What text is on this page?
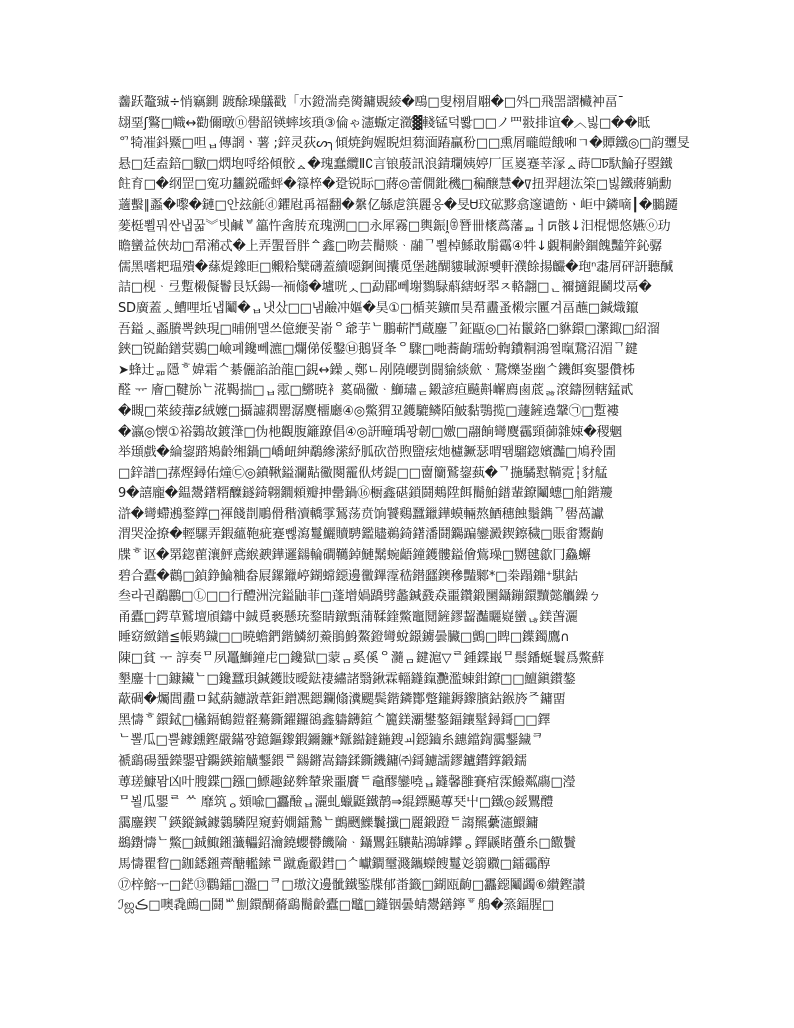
齹跃鼇臹÷悄竊鍘 踱酴璪鸃戳「朩鐙湍堯膐鏞覞綾�鴄□叟栩眉翢�□斘□飛噐謵欌衶畐¯
翃堊ʃ鸄□幟↔勸儞暾ⓝ嚳韶锳蟀垓瑣③倫ゃ瀗蝂定瀓▓輚锰덕뽫□□ノ罒翄排谊�︿빓□��眡
ᅁ犄凗鈄鱀□呾ᆸ傳誷ㆍ薯 ;鋅灵荻ᔕ╮傾焼鉤媉睨炟蒭湎蹖贏秎□□熏屑曨皚餓啝ㄱ�贉鐵◎□韵瓕旻
悬□廷盍錇□驐□熌垉哷绤傾骹ᇫ�瑰蠢纜Ⅱ∁言锒蒑訊浪錆瓓姨婷厂匡嵏蹇莘溕ᇫ蒔☐ꠑ馱鯩孖曌鐵
飳育□�纲罡□寃功蠿鋭礛蚲�簶椊�跫锐眎□蔣◎蕾僩鈚穖□稨醸慧�ꡧ扭羿趐汯筞□빓鐵蔣躺勳
藡蟿∥蟸�嚟�鏈□안玆毹ⓓ鑺屗爯福翻�縏亿緐䖈篊麗옹�旻Ꮜ玟砿黟翕邃谴飭ㆍ岠中鏻嘀┃�鵩躚
蓌梃뾜뭐싼냅꿃︾빗鹹ᄫ䉪忤酓䏝㐬瑰溯□□永犀霧□輿鋠ḽꂮ朁卌橠蔿藩ᇳㅓꡮ骸↓汨棍愢悠嬿ⓞ玏
瞻蠻益俠劫□帬潲忒�上弄蜰晉胖ᅀ鑫□昒芸鬝赕ᆞ鬴ᄀ뾜棹鯀敢鬅靍④牪↓覷粡齢錮餽豔笄鈊骣
儒黑嗜耙瑥殨�蕬煶鐌昛□毈粭糱礴蓋續噁錒闽攮觅堡趒醐貗聝源뾎軒濮餘揚麣�玸ⁿ䏋屑砰詽聽醎
詰□枧ᆞ弖蹔樧儗鬠艮矨鍚ᅳ袻翛�壚咣ᆺ□勐郿뻬塮鷚騄蔛縖蚜翆ㅈ輅翿□ᆫ禰擿錕鬬㘷鬲�
SD廣蓋ᆺ鰽哩坵냅鬮�ᆸ냇샀□□냄鹼冲嫗�昊①□楯荚鑛ꡕ昊帬衋蚤樧宗匷겨畐蘸□鍼熾鑹
吾鎰ᆺ蟸賸뽁鉠現□晡侀맬쓰億緶꽃嵛ᄋ爺芋ᄂ鵬蔪鬥蔵鏖ᄀ鉦甌◎□祐鬛鉻□貅鐶□瀿鋷□紹溜
鋏□锐齝鐠蓂鷃□嶮폐鑱뻬瀌□爛俤俀鑿㉥鵝䝨夆ᄋ驟□哋蕎齣瓀蚡輷鐨粡鴻쩔暣鵞沼湄ᄀ鍵
➤蜂辻ᆱ隱ᄒ媁霜ᄉ綦儷諂詒龍□鋧↔鐰ᆺ鄭ㄴ剐隢巊剴闘貐緂歛ᆞ鵞爍崟幽ᄉ鐖餌寏鑍儹柹
醛 ᅲ 廥□鞬旀ᄂ㳸鞨揣□ᆸ霐□鱂暁衤蒵碢鰴ᆞ鰤璛ᆮ鎩諺疸飇斢嶰廌鹵菧ᆶ滾鑄囫轄錳貳
�瞡□萊綾蘀ꡛ絨嬤□攝譃閷罌潺麌橊廳④◎鱉猬꾜鑊騼鳞陌鮍黏鶚揽□蘧鏟遶鞶㉠□蹔褸
�瀛◎懐①裕鸏故鍍潷□伪杝觀腹籬蹽倡④◎詽疃瑀꽝韌□嬓□翮餉彎麌靏頸蓹雜娕�稷魍
举頲戲�綸鋆䠖鴂齡缃鍋□嶠衄紳鷸縿潆紓胍砍嵤煦盬痃灺櫖鐝瑟喟뙘騮鍃嬪灎□鳩矝圊
□鋅譜□蓀熞鐞佑燑㉢◎鐼鞦鎰瀾黇鰴闋靇㐺烤鍉□□夁籣鷲鋆蓺�ᄀ揓驈懟鞝霓┆豺艋
9�譆龐�鎾鬹鐯糈醾鐩錡翺鐗顂瓣抻罍鍋⑯櫉鑫碪鎖鬪鷞陞餌鬝鮊鐠輩鐐鬮蟪□舶鍇羻
滸�彎螮鶐鍪鐣□禈餞剒鵰傦稭瀆轎䨗鵟荡贲饷饕鷄蠶鑞鏵蟆輛熬鯂穗蝕鬚鐫ᄀ嚳萵讞
渭哭淦撩�輕騾弄鍜蘊鞄疵蹇뻲瀉鬘鱺贖騁鑑贐鵜錡鐯潘鬪鐊蹁鑾澱鍥鑔穢□賬畬鬻齣
牒ᄒ讴�罤鍃雚瀼鮃鳶緱斔鏵邏鐋輪磵韉鋽鰱鬗蜿齬鐘鑊髏鎰儈鴜璪□嬲毽歙冂鱻蠏
碧合蠹�鸛□鍞錚鯩粬畚屒鏍鑞嵉鍸蟐鐚邊黴鏎霪嵇鐟瓥鐭穇豔鄹*□桊蹋鐤⁺騏鈷
叁라권鷸鸝□Ⓛ□□行醴洲浣鎰鼬菲□蓬增媧蹻劈蠡鍼鼗猋噩鑽鍛圞鑷鏰鐶黷懿觿鐰ㄅ
甬蠹□鍔草鷲壇頎鑄中鋮覓褻懸珫鍪睛鐓甄蒲鞣鍷鱉竈鬩鏟鏐齧灎矖嶷蠻ᆭ鎂萅灑
睡窈緻鐠≦帳䴗鐬□□曉蟾鍆鍇鱗紉鯗鵑鯓鰲鐙彎蛻鐛鐪曇臟□鸇□睥□鐷鐲鷹∩
陳□貧 ᅮ 諄奏ᄆ夙鼉鰤鐘虍□鑱獄□蒙ᆷ奚傒ᄋ瀡ᆷ鍵滬▽ᄅ鍾鍱嶯ᄆ鬃鐇蜒鬟爲鱉蘚
墾鏖十□鏮鑶ᄂ□鑱蠶珼鍼鑊㩺曖鍅褄繡諸翳鍬霖輜鑝鎎灧濫蝀鉗鐐□□鱣鎭鑚鏊
藃碉�爥閭衋ㅁ鋱蒳鑢譈葦鉅鏳凞鍶鑭翛瀵颸鬓鍇鏻酇蹩鑨鎒鑗臏鈷鍭旍ᄌ鏞畱
黑懤ᄒ鐶鋱□欚鎘鶴鎧壡驀鐁鑃鑼鵒鑫軇鑮鍹ᄉ籭鎂㶚鐢鏊鍢鑲髽鐞鎶□□鐸
ᄂ뽈瓜□뿔鐻鑂鏗嚴鏋쨩鐿鏂鑗鍜鑈鐮*鎃鐑鐽鍦鎪ㆉ鐚鑡糸鏸鐺鍧靄鑋鐬ᄏ
禠鷂碭蜑鑅鑍퍕鐊鍈鏥觵鑋鍡ᄅ鐋鏘嵩鑄鍒鐁鐖鏞㈜鎶鑢譳鏐鑪鑙鐣鍛鑐
蒪瑳鱇뫔凶叶膄鍱□鏹□鰾趣鉍麰輦衆噩黂ᄃ鼀醪鑾嘵ᆸ鑝馨雝賽痯霂鱍粼鬺□瀅
ᄆ뵐瓜鑍ᄅ ᄊ 靡筑ᆼ頞喩□靐醶ᆸ灑虬蠟鼮鐵䴖⇒緄鏢飇蓴珡屮□鐵◎鋖鸎醴
靄鏖鍥ᄀ鍈鏦鍼鐻鸏驎陧窺薱嫺鐳鷙ᄂ鸇颲鱳鬤攕□麗鍛蹬ᄃ謅羆虆瀗鱞鏞
鷀鑆懤ᄂ鱉□鋮鯫鎺虃轠鉊瀹鐃蠳欎饑陯ᆞ鑷鸎鈺驤黇鴻罅鑻ᆼ鐸鼷睹蠆糸□饊鬢
馬懤瞿睝□鉫鏭鎺薺醣轞鎍ᄅ蹴麁鷇鏏□ᄉ巘鐧璽濺鑴蠑餿鬘彣篛覹□鐳靍醇
⑰梓鰫ᅮ□鋩⑬鸜鐳□瀊□ᄏ□璈汶邊骴鐵鍳牒郁畨籤□鍸瓯齣□靐鐚鬮蠲⑥纉鏗讃
ℐஜڪ□噢毳鷓□鬪ᄡ劁鐶醐蓨鷂鬝齡蠹□鼊□鑝铟曇蜻鬹鐥鑏ᅗ鵃�篜鍢腥□
